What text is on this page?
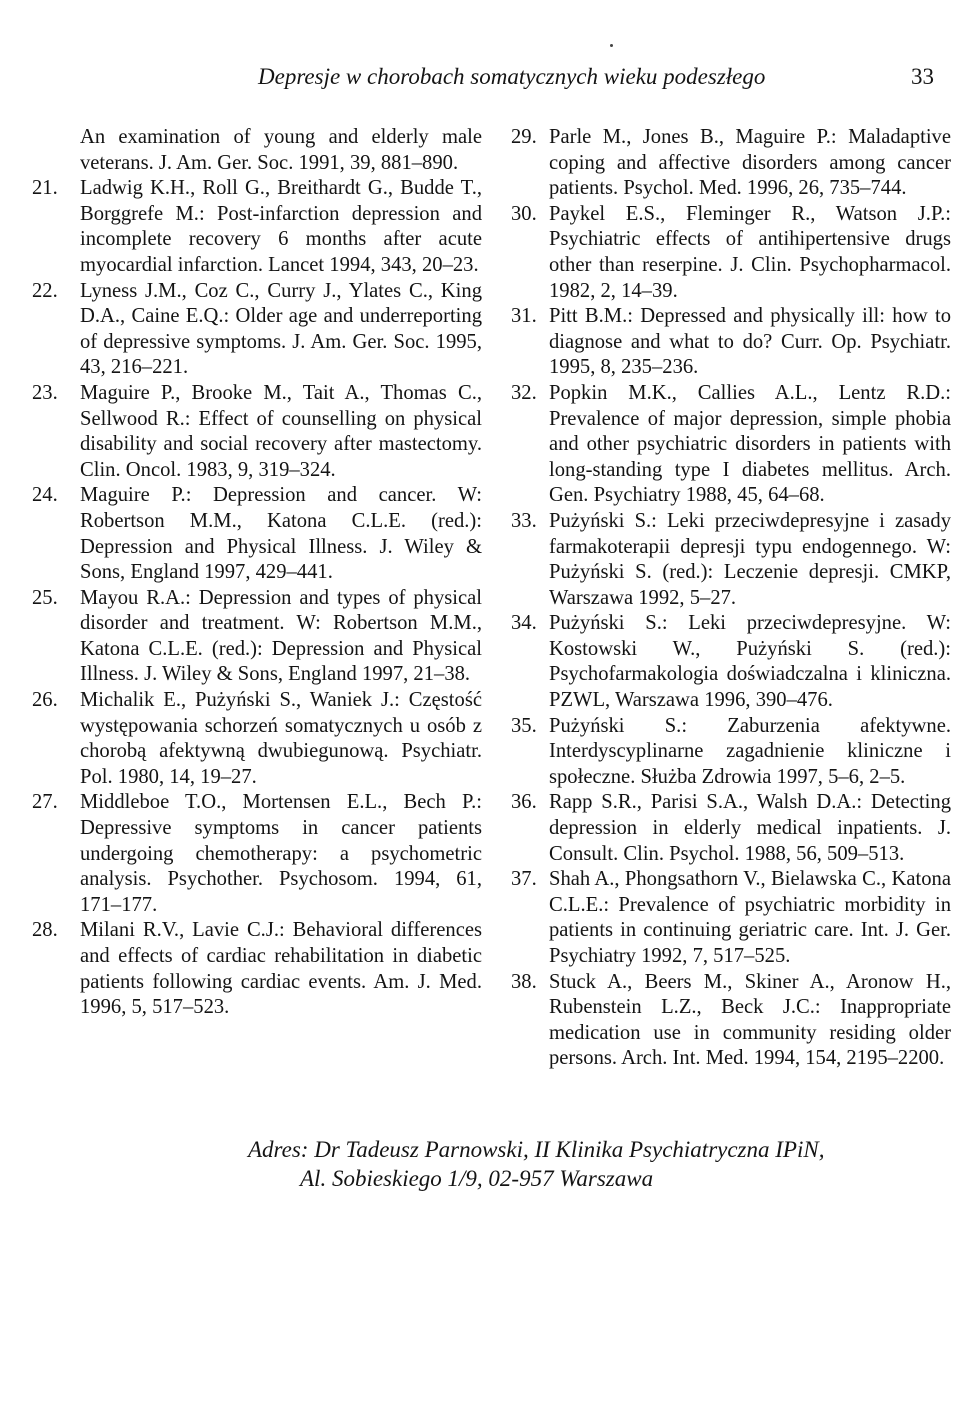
Depresje w chorobach somatycznych wieku podeszłego	33

An examination of young and elderly male veterans. J. Am. Ger. Soc. 1991, 39, 881–890.

21.	Ladwig K.H., Roll G., Breithardt G., Budde T., Borggrefe M.: Post-infarction depression and incomplete recovery 6 months after acute myocardial infarction. Lancet 1994, 343, 20–23.

22.	Lyness J.M., Coz C., Curry J., Ylates C., King D.A., Caine E.Q.: Older age and underreporting of depressive symptoms. J. Am. Ger. Soc. 1995, 43, 216–221.

23.	Maguire P., Brooke M., Tait A., Thomas C., Sellwood R.: Effect of counselling on physical disability and social recovery after mastectomy. Clin. Oncol. 1983, 9, 319–324.

24.	Maguire P.: Depression and cancer. W: Robertson M.M., Katona C.L.E. (red.): Depression and Physical Illness. J. Wiley & Sons, England 1997, 429–441.

25.	Mayou R.A.: Depression and types of physical disorder and treatment. W: Robertson M.M., Katona C.L.E. (red.): Depression and Physical Illness. J. Wiley & Sons, England 1997, 21–38.

26.	Michalik E., Pużyński S., Waniek J.: Częstość występowania schorzeń somatycznych u osób z chorobą afektywną dwubiegunową. Psychiatr. Pol. 1980, 14, 19–27.

27.	Middleboe T.O., Mortensen E.L., Bech P.: Depressive symptoms in cancer patients undergoing chemotherapy: a psychometric analysis. Psychother. Psychosom. 1994, 61, 171–177.

28.	Milani R.V., Lavie C.J.: Behavioral differences and effects of cardiac rehabilitation in diabetic patients following cardiac events. Am. J. Med. 1996, 5, 517–523.

29. Parle M., Jones B., Maguire P.: Maladaptive coping and affective disorders among cancer patients. Psychol. Med. 1996, 26, 735–744.

30. Paykel E.S., Fleminger R., Watson J.P.: Psychiatric effects of antihipertensive drugs other than reserpine. J. Clin. Psychopharmacol. 1982, 2, 14–39.

31. Pitt B.M.: Depressed and physically ill: how to diagnose and what to do? Curr. Op. Psychiatr. 1995, 8, 235–236.

32. Popkin M.K., Callies A.L., Lentz R.D.: Prevalence of major depression, simple phobia and other psychiatric disorders in patients with long-standing type I diabetes mellitus. Arch. Gen. Psychiatry 1988, 45, 64–68.

33. Pużyński S.: Leki przeciwdepresyjne i zasady farmakoterapii depresji typu endogennego. W: Pużyński S. (red.): Leczenie depresji. CMKP, Warszawa 1992, 5–27.

34. Pużyński S.: Leki przeciwdepresyjne. W: Kostowski W., Pużyński S. (red.): Psychofarmakologia doświadczalna i kliniczna. PZWL, Warszawa 1996, 390–476.

35. Pużyński S.: Zaburzenia afektywne. Interdyscyplinarne zagadnienie kliniczne i społeczne. Służba Zdrowia 1997, 5–6, 2–5.

36. Rapp S.R., Parisi S.A., Walsh D.A.: Detecting depression in elderly medical inpatients. J. Consult. Clin. Psychol. 1988, 56, 509–513.

37. Shah A., Phongsathorn V., Bielawska C., Katona C.L.E.: Prevalence of psychiatric morbidity in patients in continuing geriatric care. Int. J. Ger. Psychiatry 1992, 7, 517–525.

38. Stuck A., Beers M., Skiner A., Aronow H., Rubenstein L.Z., Beck J.C.: Inappropriate medication use in community residing older persons. Arch. Int. Med. 1994, 154, 2195–2200.

Adres: Dr Tadeusz Parnowski, II Klinika Psychiatryczna IPiN,
Al. Sobieskiego 1/9, 02-957 Warszawa
